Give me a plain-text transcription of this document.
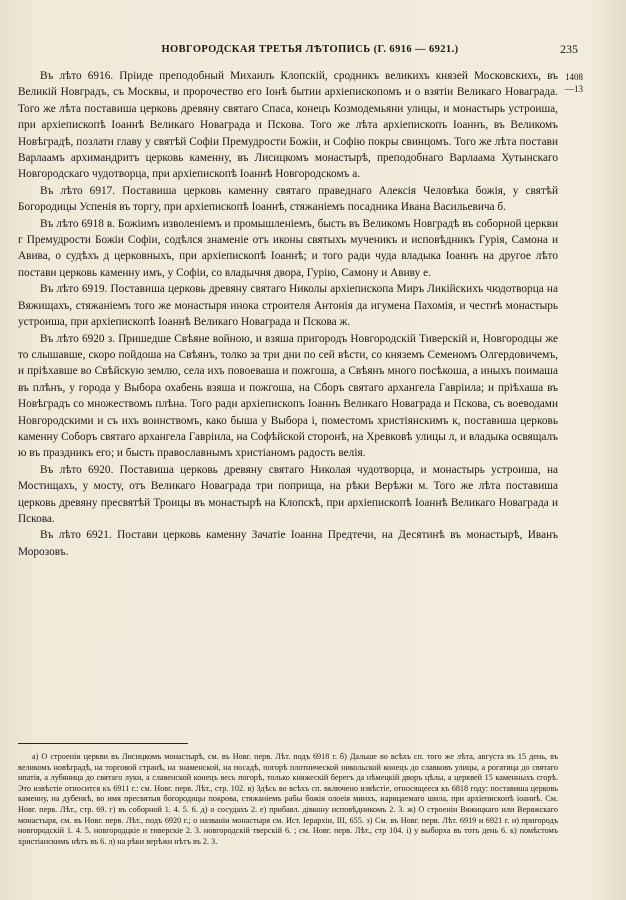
НОВГОРОДСКАЯ ТРЕТЬЯ ЛѢТОПИСЬ (Г. 6916 — 6921.)	235
1408
—13

Въ лѣто 6916. Прiиде преподобный Михаилъ Клопскiй, сродникъ великихъ князей Московскихъ, въ Великiй Новградъ, съ Москвы, и пророчество его Iонѣ бытии архiепископомъ и о взятiи Великаго Новаграда. Того же лѣта поставиша церковь древяну святаго Спаса, конецъ Козмодемьяни улицы, и монастырь устроиша, при архiепископѣ Iоаннѣ Великаго Новаграда и Пскова. Того же лѣта архiепископъ Iоаннъ, въ Великомъ Новѣградѣ, позлати главу у святѣй Софiи Премудрости Божiи, и Софiю покры свинцомъ. Того же лѣта постави Варлаамъ архимандритъ церковь каменну, въ Лисицкомъ монастырѣ, преподобнаго Варлаама Хутынскаго Новгородскаго чудотворца, при архiепископѣ Iоаннѣ Новгородскомъ а.

Въ лѣто 6917. Поставиша церковь каменну святаго праведнаго Алексiя Человѣка божiя, у святѣй Богородицы Успенiя въ торгу, при архiепископѣ Iоаннѣ, стяжанiемъ посадника Ивана Васильевича б.

Въ лѣто 6918 в. Божiимъ изволенiемъ и промышленiемъ, бысть въ Великомъ Новградѣ въ соборной церкви г Премудрости Божiи Софiи, содѣлся знаменiе отъ иконы святыхъ мученикъ и исповѣдникъ Гурiя, Самона и Авива, о судѣхъ д церковныхъ, при архiепископѣ Iоаннѣ; и того ради чуда владыка Iоаннъ на другое лѣто постави церковь каменну имъ, у Софiи, со владычня двора, Гурiю, Самону и Авиву е.

Въ лѣто 6919. Поставиша церковь древяну святаго Николы архiепископа Миръ Ликiйскихъ чюдотворца на Вяжищахъ, стяжанiемъ того же монастыря инока строителя Антонiя да игумена Пахомiя, и честнѣ монастырь устроиша, при архiепископѣ Iоаннѣ Великаго Новаграда и Пскова ж.

Въ лѣто 6920 з. Пришедше Свѣяне войною, и взяша пригородъ Новгородскiй Тиверскiй и, Новгородцы же то слышавше, скоро пойдоша на Свѣянъ, толко за три дни по сей вѣсти, со княземъ Семеномъ Олгердовичемъ, и прiѣхавше во Свѣйскую землю, села ихъ повоеваша и пожгоша, а Свѣянъ много посѣкоша, а иныхъ поимаша въ плѣнъ, у города у Выбора охабень взяша и пожгоша, на Сборъ святаго архангела Гаврiила; и прiѣхаша въ Новѣградъ со множествомъ плѣна. Того ради архiепископъ Iоаннъ Великаго Новаграда и Пскова, съ воеводами Новгородскими и съ ихъ воинствомъ, како быша у Выбора i, поместомъ христiянскимъ к, поставиша церковь каменну Соборъ святаго архангела Гаврiила, на Софѣйской сторонѣ, на Хревковѣ улицы л, и владыка освящалъ ю въ праздникъ его; и бысть православнымъ христiаномъ радость велiя.

Въ лѣто 6920. Поставиша церковь древяну святаго Николая чудотворца, и монастырь устроиша, на Мостищахъ, у мосту, отъ Великаго Новаграда три поприща, на рѣки Верѣжи м. Того же лѣта поставиша церковь древяну пресвятѣй Троицы въ монастырѣ на Клопскѣ, при архiепископѣ Iоаннѣ Великаго Новаграда и Пскова.

Въ лѣто 6921. Постави церковь каменну Зачатiе Iоанна Предтечи, на Десятинѣ въ монастырѣ, Иванъ Морозовъ.

а) О строенiи церкви въ Лисицкомъ монастырѣ, см. въ Новг. перв. Лѣт. подъ 6918 г. б) Дальше во всѣхъ сп. того же лѣта, августа въ 15 день, въ великомъ новѣградѣ, на торговой странѣ, на знаменской, на посадѣ, погорѣ плотнической никольской конецъ до славковъ улицы, а рогатица до святаго ипатiя, а лубяница до святаго луки, а славенской конецъ весь погорѣ, только княжескiй берегъ да нѣмецкiй дворъ цѣлы, а церквей 15 каменныхъ сгорѣ. Это извѣстiе относится къ 6911 г.: см. Новг. перв. Лѣт., стр. 102. в) Здѣсь во всѣхъ сп. включено извѣстiе, относящееся къ 6818 году: поставиша церковь каменну, на дубенкѣ, во имя пресвятыя богородицы покрова, стяжанiемъ рабы божiя олоеiя минхъ, нарицаемаго шила, при архiепископѣ iоаннѣ. См. Новг. перв. Лѣт., стр. 69. г) въ соборной 1. 4. 5. 6. д) о сосудахъ 2. е) прибавл. дiвкону исповѣдникомъ 2. 3. ж) О строенiи Вяжицкаго или Веряжскаго монастыря, см. въ Новг. перв. Лѣт., подъ 6920 г.; о названiи монастыря см. Ист. Iерархiи, III, 655. з) См. въ Новг. перв. Лѣт. 6919 и 6921 г. и) пригородъ новгородскiй 1. 4. 5. новгородцкiе и тиверскiе 2. 3. новгородскiй тверскiй 6. ; см. Новг. перв. Лѣт., стр 104. i) у выборха въ тотъ день 6. к) помѣстомъ христiанскимъ нѣтъ въ 6. л) на рѣки верѣжи нѣтъ въ 2. 3.
